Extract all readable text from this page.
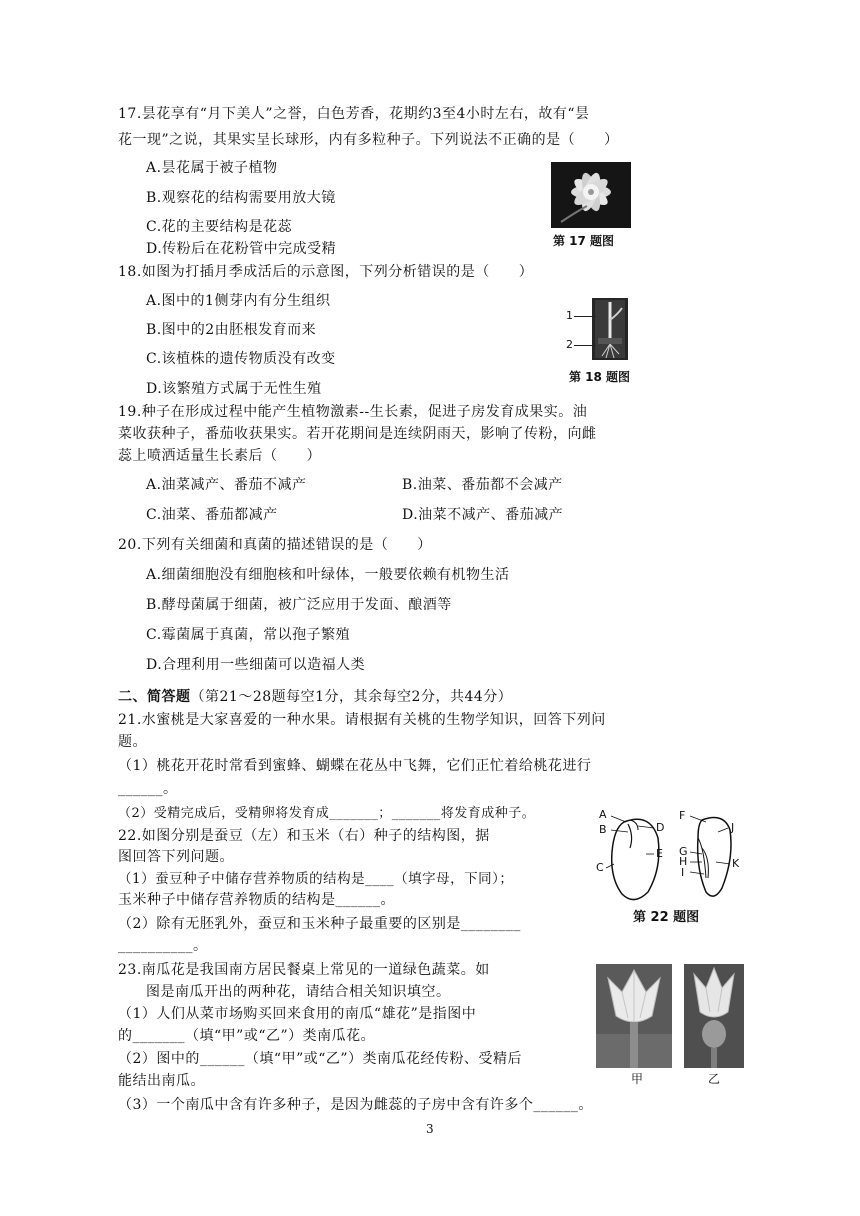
17.昙花享有“月下美人”之誉，白色芳香，花期约3至4小时左右，故有“昙
花一现”之说，其果实呈长球形，内有多粒种子。下列说法不正确的是（　　）
A.昙花属于被子植物
B.观察花的结构需要用放大镜
C.花的主要结构是花蕊
D.传粉后在花粉管中完成受精	第 17 题图
18.如图为打插月季成活后的示意图，下列分析错误的是（　　）
A.图中的1侧芽内有分生组织
B.图中的2由胚根发育而来
C.该植株的遗传物质没有改变
D.该繁殖方式属于无性生殖
1
2
第 18 题图
19.种子在形成过程中能产生植物激素--生长素，促进子房发育成果实。油
菜收获种子，番茄收获果实。若开花期间是连续阴雨天，影响了传粉，向雌
蕊上喷洒适量生长素后（　　）
A.油菜减产、番茄不减产	B.油菜、番茄都不会减产
C.油菜、番茄都减产	D.油菜不减产、番茄减产
20.下列有关细菌和真菌的描述错误的是（　　）
A.细菌细胞没有细胞核和叶绿体，一般要依赖有机物生活
B.酵母菌属于细菌，被广泛应用于发面、酿酒等
C.霉菌属于真菌，常以孢子繁殖
D.合理利用一些细菌可以造福人类
二、简答题（第21～28题每空1分，其余每空2分，共44分）
21.水蜜桃是大家喜爱的一种水果。请根据有关桃的生物学知识，回答下列问
题。
（1）桃花开花时常看到蜜蜂、蝴蝶在花丛中飞舞，它们正忙着给桃花进行
______。
（2）受精完成后，受精卵将发育成_______；_______将发育成种子。
22.如图分别是蚕豆（左）和玉米（右）种子的结构图，据
图回答下列问题。
（1）蚕豆种子中储存营养物质的结构是____（填字母，下同）；
玉米种子中储存营养物质的结构是______。
（2）除有无胚乳外，蚕豆和玉米种子最重要的区别是________
__________。
A
B
C
D
E
F
G
H
I
J
K
第 22 题图
23.南瓜花是我国南方居民餐桌上常见的一道绿色蔬菜。如
图是南瓜开出的两种花，请结合相关知识填空。
（1）人们从菜市场购买回来食用的南瓜“雄花”是指图中
的_______（填“甲”或“乙”）类南瓜花。
（2）图中的______（填“甲”或“乙”）类南瓜花经传粉、受精后
能结出南瓜。
（3）一个南瓜中含有许多种子，是因为雌蕊的子房中含有许多个______。
甲	乙
3
